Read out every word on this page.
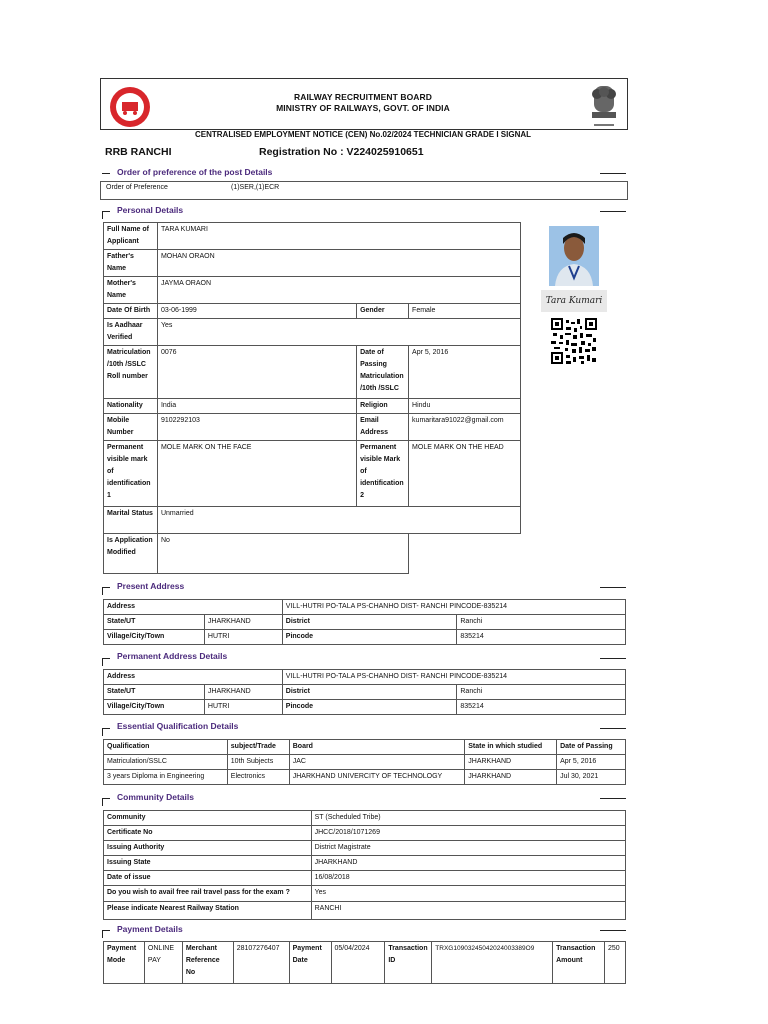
RAILWAY RECRUITMENT BOARD
MINISTRY OF RAILWAYS, GOVT. OF INDIA
CENTRALISED EMPLOYMENT NOTICE (CEN) No.02/2024 TECHNICIAN GRADE I SIGNAL
RRB RANCHI	Registration No : V224025910651
Order of preference of the post Details
Order of Preference	(1)SER,(1)ECR
Personal Details
Full Name of Applicant	TARA KUMARI		
Father's Name	MOHAN ORAON		
Mother's Name	JAYMA ORAON		
Date Of Birth	03-06-1999	Gender	Female
Is Aadhaar Verified	Yes		
Matriculation /10th /SSLC Roll number	0076	Date of Passing Matriculation /10th /SSLC	Apr 5, 2016
Nationality	India	Religion	Hindu
Mobile Number	9102292103	Email Address	kumaritara91022@gmail.com
Permanent visible mark of identification 1	MOLE MARK ON THE FACE	Permanent visible Mark of identification 2	MOLE MARK ON THE HEAD
Marital Status	Unmarried		
Is Application Modified	No		
Tara Kumari
Present Address
Address		VILL-HUTRI PO-TALA PS-CHANHO DIST- RANCHI PINCODE-835214	
State/UT	JHARKHAND	District	Ranchi
Village/City/Town	HUTRI	Pincode	835214
Permanent Address Details
Address		VILL-HUTRI PO-TALA PS-CHANHO DIST- RANCHI PINCODE-835214	
State/UT	JHARKHAND	District	Ranchi
Village/City/Town	HUTRI	Pincode	835214
Essential Qualification Details
Qualification	subject/Trade	Board	State in which studied	Date of Passing
Matriculation/SSLC	10th Subjects	JAC	JHARKHAND	Apr 5, 2016
3 years Diploma in Engineering	Electronics	JHARKHAND UNIVERCITY OF TECHNOLOGY	JHARKHAND	Jul 30, 2021
Community Details
Community	ST (Scheduled Tribe)
Certificate No	JHCC/2018/1071269
Issuing Authority	District Magistrate
Issuing State	JHARKHAND
Date of issue	16/08/2018
Do you wish to avail free rail travel pass for the exam ?	Yes
Please indicate Nearest Railway Station	RANCHI
Payment Details
Payment Mode	ONLINE PAY	Merchant Reference No	28107276407	Payment Date	05/04/2024	Transaction ID	TRXG10903245042024003389O9	Transaction Amount	250
